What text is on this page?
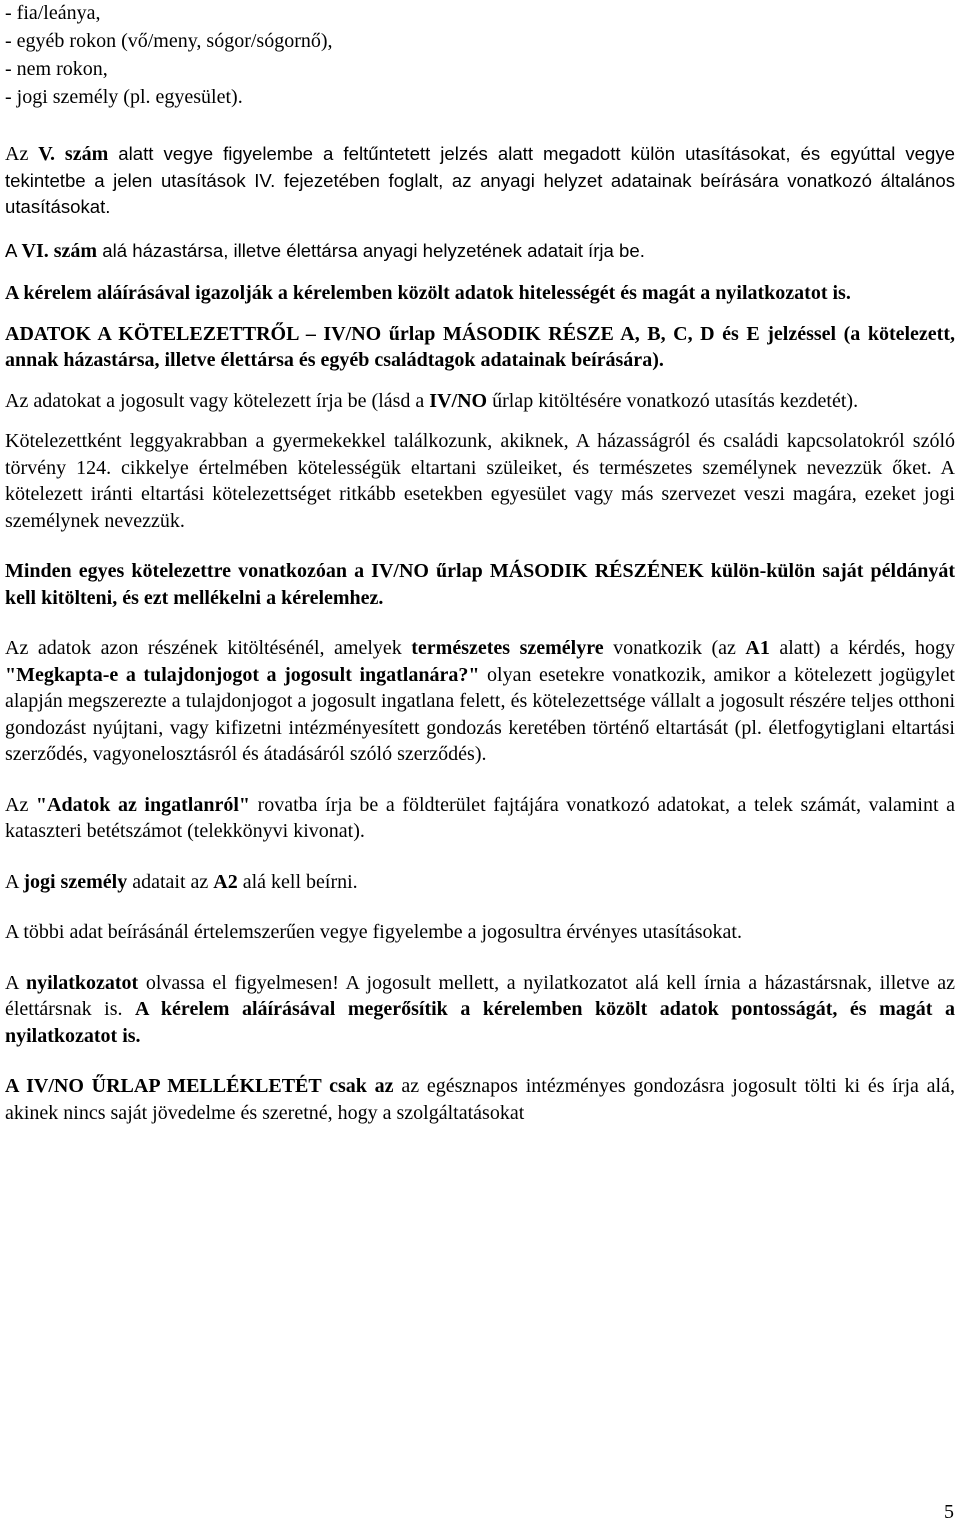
- fia/leánya,
- egyéb rokon (vő/meny, sógor/sógornő),
- nem rokon,
- jogi személy (pl. egyesület).

Az V. szám alatt vegye figyelembe a feltűntetett jelzés alatt megadott külön utasításokat, és egyúttal vegye tekintetbe a jelen utasítások IV. fejezetében foglalt, az anyagi helyzet adatainak beírására vonatkozó általános utasításokat.

A VI. szám alá házastársa, illetve élettársa anyagi helyzetének adatait írja be.

A kérelem aláírásával igazolják a kérelemben közölt adatok hitelességét és magát a nyilatkozatot is.

ADATOK A KÖTELEZETTRŐL – IV/NO űrlap MÁSODIK RÉSZE A, B, C, D és E jelzéssel (a kötelezett, annak házastársa, illetve élettársa és egyéb családtagok adatainak beírására).

Az adatokat a jogosult vagy kötelezett írja be (lásd a IV/NO űrlap kitöltésére vonatkozó utasítás kezdetét).

Kötelezettként leggyakrabban a gyermekekkel találkozunk, akiknek, A házasságról és családi kapcsolatokról szóló törvény 124. cikkelye értelmében kötelességük eltartani szüleiket, és természetes személynek nevezzük őket. A kötelezett iránti eltartási kötelezettséget ritkább esetekben egyesület vagy más szervezet veszi magára, ezeket jogi személynek nevezzük.

Minden egyes kötelezettre vonatkozóan a IV/NO űrlap MÁSODIK RÉSZÉNEK külön-külön saját példányát kell kitölteni, és ezt mellékelni a kérelemhez.

Az adatok azon részének kitöltésénél, amelyek természetes személyre vonatkozik (az A1 alatt) a kérdés, hogy "Megkapta-e a tulajdonjogot a jogosult ingatlanára?" olyan esetekre vonatkozik, amikor a kötelezett jogügylet alapján megszerezte a tulajdonjogot a jogosult ingatlana felett, és kötelezettsége vállalt a jogosult részére teljes otthoni gondozást nyújtani, vagy kifizetni intézményesített gondozás keretében történő eltartását (pl. életfogytiglani eltartási szerződés, vagyonelosztásról és átadásáról szóló szerződés).

Az "Adatok az ingatlanról" rovatba írja be a földterület fajtájára vonatkozó adatokat, a telek számát, valamint a kataszteri betétszámot (telekkönyvi kivonat).

A jogi személy adatait az A2 alá kell beírni.

A többi adat beírásánál értelemszerűen vegye figyelembe a jogosultra érvényes utasításokat.

A nyilatkozatot olvassa el figyelmesen! A jogosult mellett, a nyilatkozatot alá kell írnia a házastársnak, illetve az élettársnak is. A kérelem aláírásával megerősítik a kérelemben közölt adatok pontosságát, és magát a nyilatkozatot is.

A IV/NO ŰRLAP MELLÉKLETÉT csak az az egésznapos intézményes gondozásra jogosult tölti ki és írja alá, akinek nincs saját jövedelme és szeretné, hogy a szolgáltatásokat

5
